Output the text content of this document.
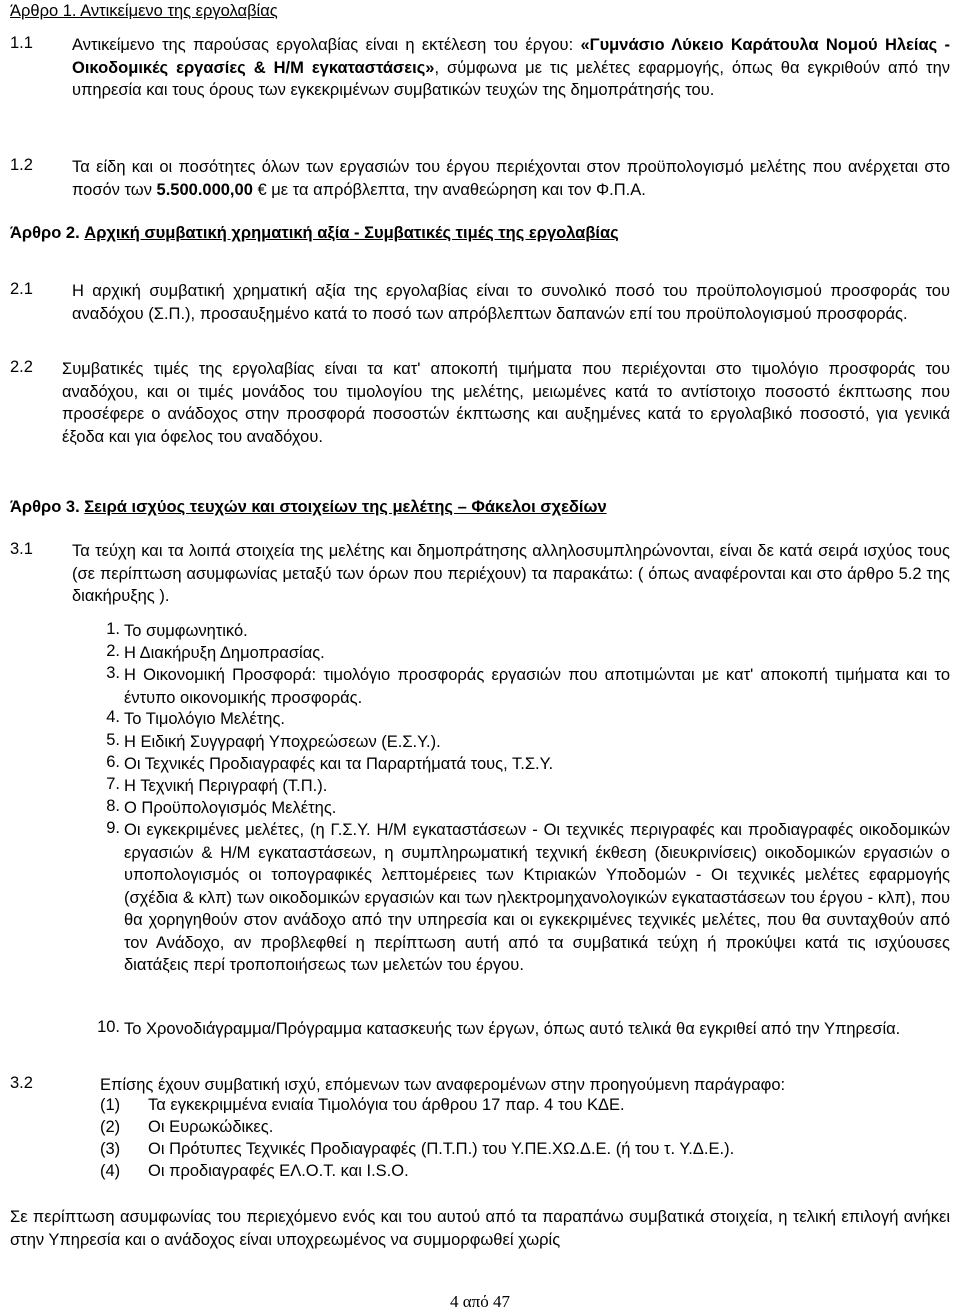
Άρθρο 1. Αντικείμενο της εργολαβίας

1.1	Αντικείμενο της παρούσας εργολαβίας είναι η εκτέλεση του έργου: «Γυμνάσιο Λύκειο Καράτουλα Νομού Ηλείας - Οικοδομικές εργασίες & Η/Μ εγκαταστάσεις», σύμφωνα με τις μελέτες εφαρμογής, όπως θα εγκριθούν από την υπηρεσία και τους όρους των εγκεκριμένων συμβατικών τευχών της δημοπράτησής του.

1.2	Τα είδη και οι ποσότητες όλων των εργασιών του έργου περιέχονται στον προϋπολογισμό μελέτης που ανέρχεται στο ποσόν των 5.500.000,00 € με τα απρόβλεπτα, την αναθεώρηση και τον Φ.Π.Α.

Άρθρο 2. Αρχική συμβατική χρηματική αξία - Συμβατικές τιμές της εργολαβίας

2.1	Η αρχική συμβατική χρηματική αξία της εργολαβίας είναι το συνολικό ποσό του προϋπολογισμού προσφοράς του αναδόχου (Σ.Π.), προσαυξημένο κατά το ποσό των απρόβλεπτων δαπανών επί του προϋπολογισμού προσφοράς.

2.2	Συμβατικές τιμές της εργολαβίας είναι τα κατ' αποκοπή τιμήματα που περιέχονται στο τιμολόγιο προσφοράς του αναδόχου, και οι τιμές μονάδος του τιμολογίου της μελέτης, μειωμένες κατά το αντίστοιχο ποσοστό έκπτωσης που προσέφερε ο ανάδοχος στην προσφορά ποσοστών έκπτωσης και αυξημένες κατά το εργολαβικό ποσοστό, για γενικά έξοδα και για όφελος του αναδόχου.

Άρθρο 3. Σειρά ισχύος τευχών και στοιχείων της μελέτης – Φάκελοι σχεδίων

3.1	Τα τεύχη και τα λοιπά στοιχεία της μελέτης και δημοπράτησης αλληλοσυμπληρώνονται, είναι δε κατά σειρά ισχύος τους (σε περίπτωση ασυμφωνίας μεταξύ των όρων που περιέχουν) τα παρακάτω: ( όπως αναφέρονται και στο άρθρο 5.2 της διακήρυξης ).

1. Το συμφωνητικό.
2. Η Διακήρυξη Δημοπρασίας.
3. Η Οικονομική Προσφορά: τιμολόγιο προσφοράς εργασιών που αποτιμώνται με κατ' αποκοπή τιμήματα και το έντυπο οικονομικής προσφοράς.
4. Το Τιμολόγιο Μελέτης.
5. Η Ειδική Συγγραφή Υποχρεώσεων (Ε.Σ.Υ.).
6. Οι Τεχνικές Προδιαγραφές και τα Παραρτήματά τους, Τ.Σ.Υ.
7. Η Τεχνική Περιγραφή (Τ.Π.).
8. Ο Προϋπολογισμός Μελέτης.
9. Οι εγκεκριμένες μελέτες, (η Γ.Σ.Υ. Η/Μ εγκαταστάσεων - Οι τεχνικές περιγραφές και προδιαγραφές οικοδομικών εργασιών & Η/Μ εγκαταστάσεων, η συμπληρωματική τεχνική έκθεση (διευκρινίσεις) οικοδομικών εργασιών ο υποπολογισμός οι τοπογραφικές λεπτομέρειες των Κτιριακών Υποδομών - Οι τεχνικές μελέτες εφαρμογής (σχέδια & κλπ) των οικοδομικών εργασιών και των ηλεκτρομηχανολογικών εγκαταστάσεων του έργου - κλπ), που θα χορηγηθούν στον ανάδοχο από την υπηρεσία και οι εγκεκριμένες τεχνικές μελέτες, που θα συνταχθούν από τον Ανάδοχο, αν προβλεφθεί η περίπτωση αυτή από τα συμβατικά τεύχη ή προκύψει κατά τις ισχύουσες διατάξεις περί τροποποιήσεως των μελετών του έργου.
10. Το Χρονοδιάγραμμα/Πρόγραμμα κατασκευής των έργων, όπως αυτό τελικά θα εγκριθεί από την Υπηρεσία.
3.2	Επίσης έχουν συμβατική ισχύ, επόμενων των αναφερομένων στην προηγούμενη παράγραφο:

(1)	Τα εγκεκριμμένα ενιαία Τιμολόγια του άρθρου 17 παρ. 4 του ΚΔΕ.
(2)	Οι Ευρωκώδικες.
(3)	Οι Πρότυπες Τεχνικές Προδιαγραφές (Π.Τ.Π.) του Υ.ΠΕ.ΧΩ.Δ.Ε. (ή του τ. Υ.Δ.Ε.).
(4)	Οι προδιαγραφές ΕΛ.Ο.Τ. και I.S.O.

Σε περίπτωση ασυμφωνίας του περιεχόμενο ενός και του αυτού από τα παραπάνω συμβατικά στοιχεία, η τελική επιλογή ανήκει στην Υπηρεσία και ο ανάδοχος είναι υποχρεωμένος να συμμορφωθεί χωρίς

4 από 47
